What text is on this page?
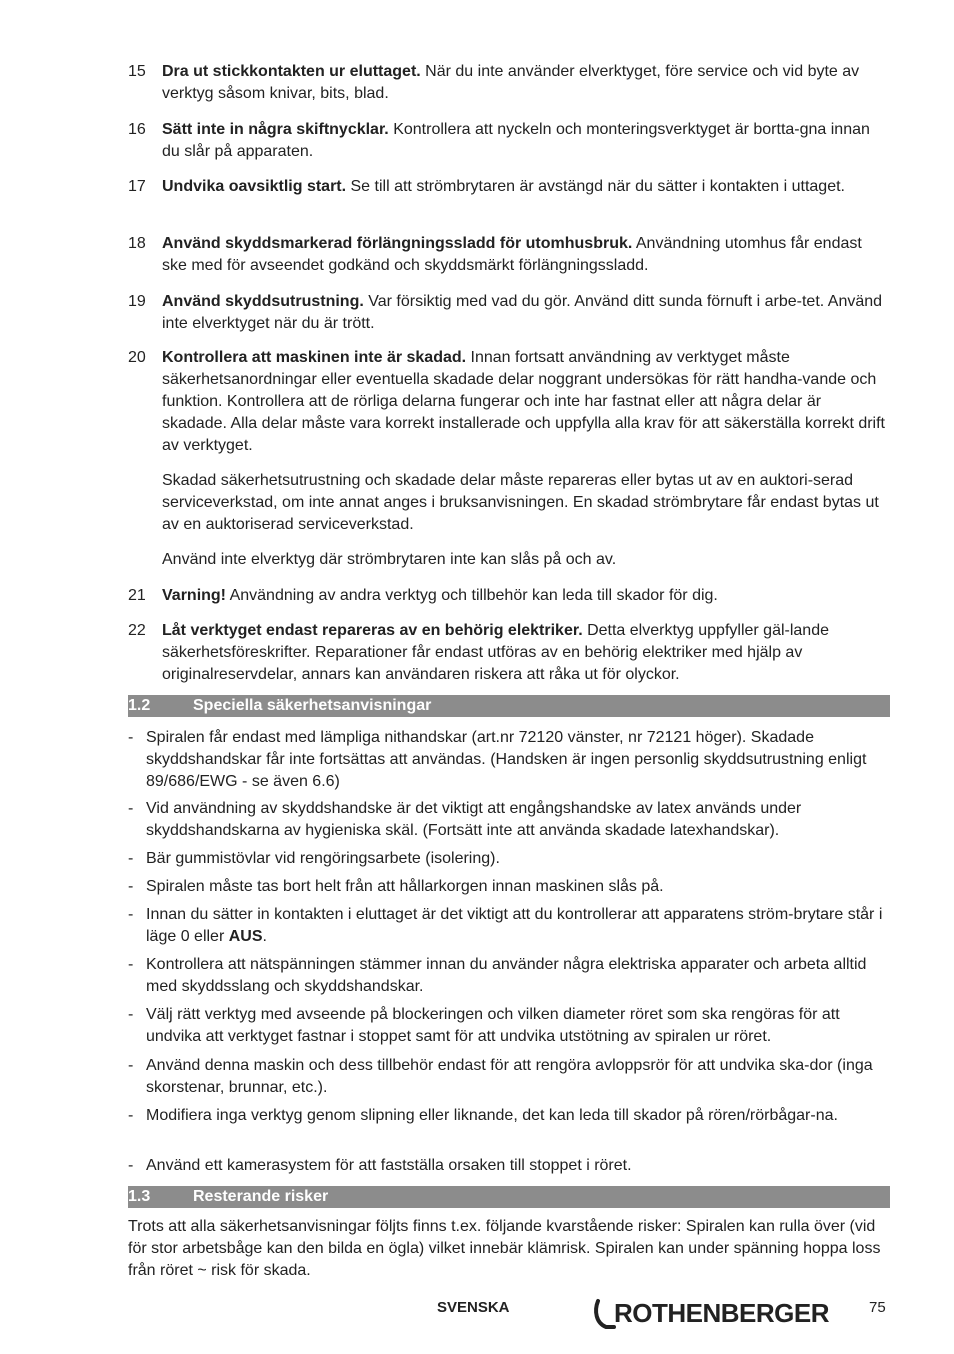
15	Dra ut stickkontakten ur eluttaget. När du inte använder elverktyget, före service och vid byte av verktyg såsom knivar, bits, blad.
16	Sätt inte in några skiftnycklar. Kontrollera att nyckeln och monteringsverktyget är bortta-gna innan du slår på apparaten.
17	Undvika oavsiktlig start. Se till att strömbrytaren är avstängd när du sätter i kontakten i uttaget.
18	Använd skyddsmarkerad förlängningssladd för utomhusbruk. Användning utomhus får endast ske med för avseendet godkänd och skyddsmärkt förlängningssladd.
19	Använd skyddsutrustning. Var försiktig med vad du gör. Använd ditt sunda förnuft i arbe-tet. Använd inte elverktyget när du är trött.
20	Kontrollera att maskinen inte är skadad. Innan fortsatt användning av verktyget måste säkerhetsanordningar eller eventuella skadade delar noggrant undersökas för rätt handha-vande och funktion. Kontrollera att de rörliga delarna fungerar och inte har fastnat eller att några delar är skadade. Alla delar måste vara korrekt installerade och uppfylla alla krav för att säkerställa korrekt drift av verktyget.
Skadad säkerhetsutrustning och skadade delar måste repareras eller bytas ut av en auktori-serad serviceverkstad, om inte annat anges i bruksanvisningen. En skadad strömbrytare får endast bytas ut av en auktoriserad serviceverkstad.
Använd inte elverktyg där strömbrytaren inte kan slås på och av.
21	Varning! Användning av andra verktyg och tillbehör kan leda till skador för dig.
22	Låt verktyget endast repareras av en behörig elektriker. Detta elverktyg uppfyller gäl-lande säkerhetsföreskrifter. Reparationer får endast utföras av en behörig elektriker med hjälp av originalreservdelar, annars kan användaren riskera att råka ut för olyckor.
1.2	Speciella säkerhetsanvisningar
- Spiralen får endast med lämpliga nithandskar (art.nr 72120 vänster, nr 72121 höger). Skadade skyddshandskar får inte fortsättas att användas. (Handsken är ingen personlig skyddsutrustning enligt 89/686/EWG - se även 6.6)
- Vid användning av skyddshandske är det viktigt att engångshandske av latex används under skyddshandskarna av hygieniska skäl. (Fortsätt inte att använda skadade latexhandskar).
- Bär gummistövlar vid rengöringsarbete (isolering).
- Spiralen måste tas bort helt från att hållarkorgen innan maskinen slås på.
- Innan du sätter in kontakten i eluttaget är det viktigt att du kontrollerar att apparatens ström-brytare står i läge 0 eller AUS.
- Kontrollera att nätspänningen stämmer innan du använder några elektriska apparater och arbeta alltid med skyddsslang och skyddshandskar.
- Välj rätt verktyg med avseende på blockeringen och vilken diameter röret som ska rengöras för att undvika att verktyget fastnar i stoppet samt för att undvika utstötning av spiralen ur röret.
- Använd denna maskin och dess tillbehör endast för att rengöra avloppsrör för att undvika ska-dor (inga skorstenar, brunnar, etc.).
- Modifiera inga verktyg genom slipning eller liknande, det kan leda till skador på rören/rörbågar-na.
- Använd ett kamerasystem för att fastställa orsaken till stoppet i röret.
1.3	Resterande risker
Trots att alla säkerhetsanvisningar följts finns t.ex. följande kvarstående risker: Spiralen kan rulla över (vid för stor arbetsbåge kan den bilda en ögla) vilket innebär klämrisk. Spiralen kan under spänning hoppa loss från röret ~ risk för skada.
SVENSKA	ROTHENBERGER	75
